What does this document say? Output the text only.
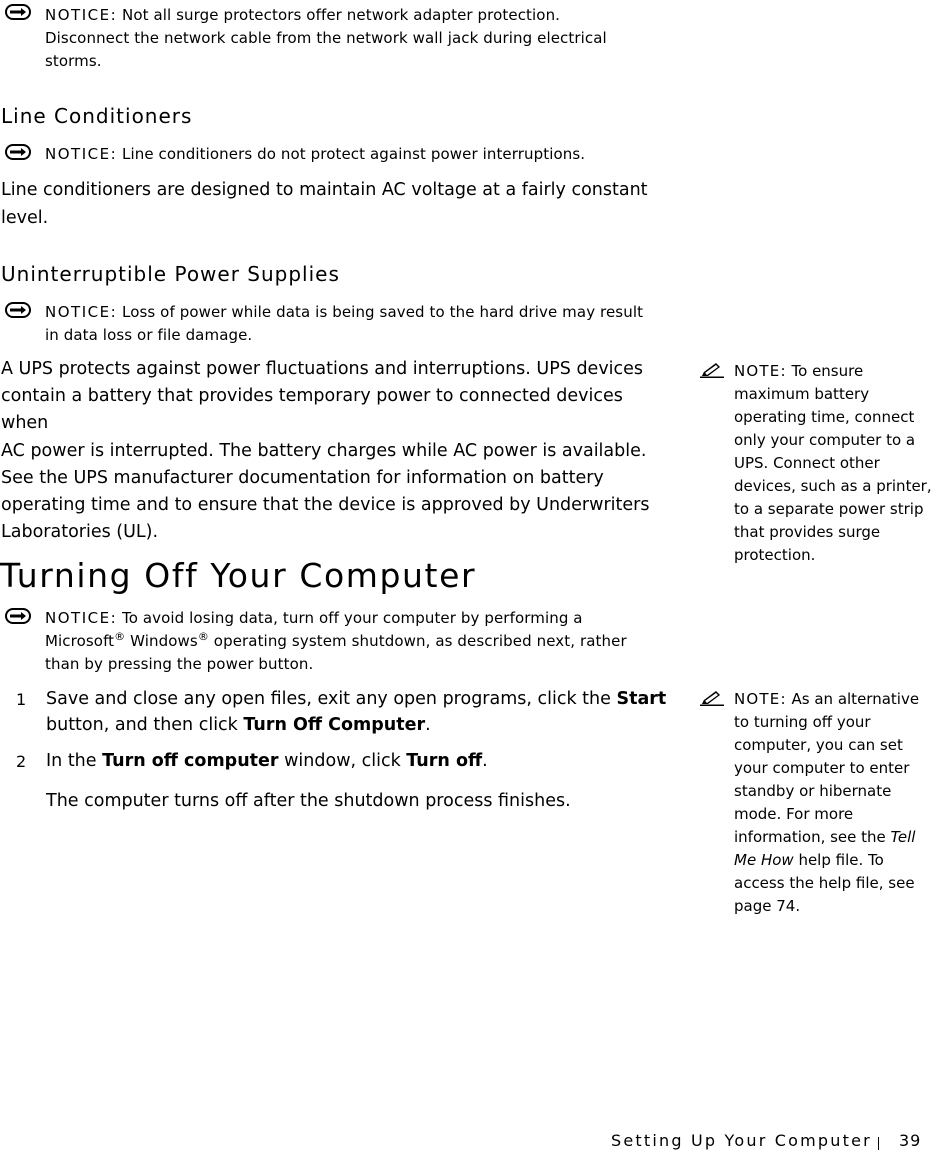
NOTICE: Not all surge protectors offer network adapter protection.
Disconnect the network cable from the network wall jack during electrical
storms.
Line Conditioners
NOTICE: Line conditioners do not protect against power interruptions.
Line conditioners are designed to maintain AC voltage at a fairly constant
level.
Uninterruptible Power Supplies
NOTICE: Loss of power while data is being saved to the hard drive may result
in data loss or file damage.
A UPS protects against power fluctuations and interruptions. UPS devices
contain a battery that provides temporary power to connected devices when
AC power is interrupted. The battery charges while AC power is available.
See the UPS manufacturer documentation for information on battery
operating time and to ensure that the device is approved by Underwriters
Laboratories (UL).
NOTE: To ensure
maximum battery
operating time, connect
only your computer to a
UPS. Connect other
devices, such as a printer,
to a separate power strip
that provides surge
protection.
Turning Off Your Computer
NOTICE: To avoid losing data, turn off your computer by performing a
Microsoft® Windows® operating system shutdown, as described next, rather
than by pressing the power button.
1 Save and close any open files, exit any open programs, click the Start
button, and then click Turn Off Computer.
2 In the Turn off computer window, click Turn off.
The computer turns off after the shutdown process finishes.
NOTE: As an alternative
to turning off your
computer, you can set
your computer to enter
standby or hibernate
mode. For more
information, see the Tell
Me How help file. To
access the help file, see
page 74.
Setting Up Your Computer 39
